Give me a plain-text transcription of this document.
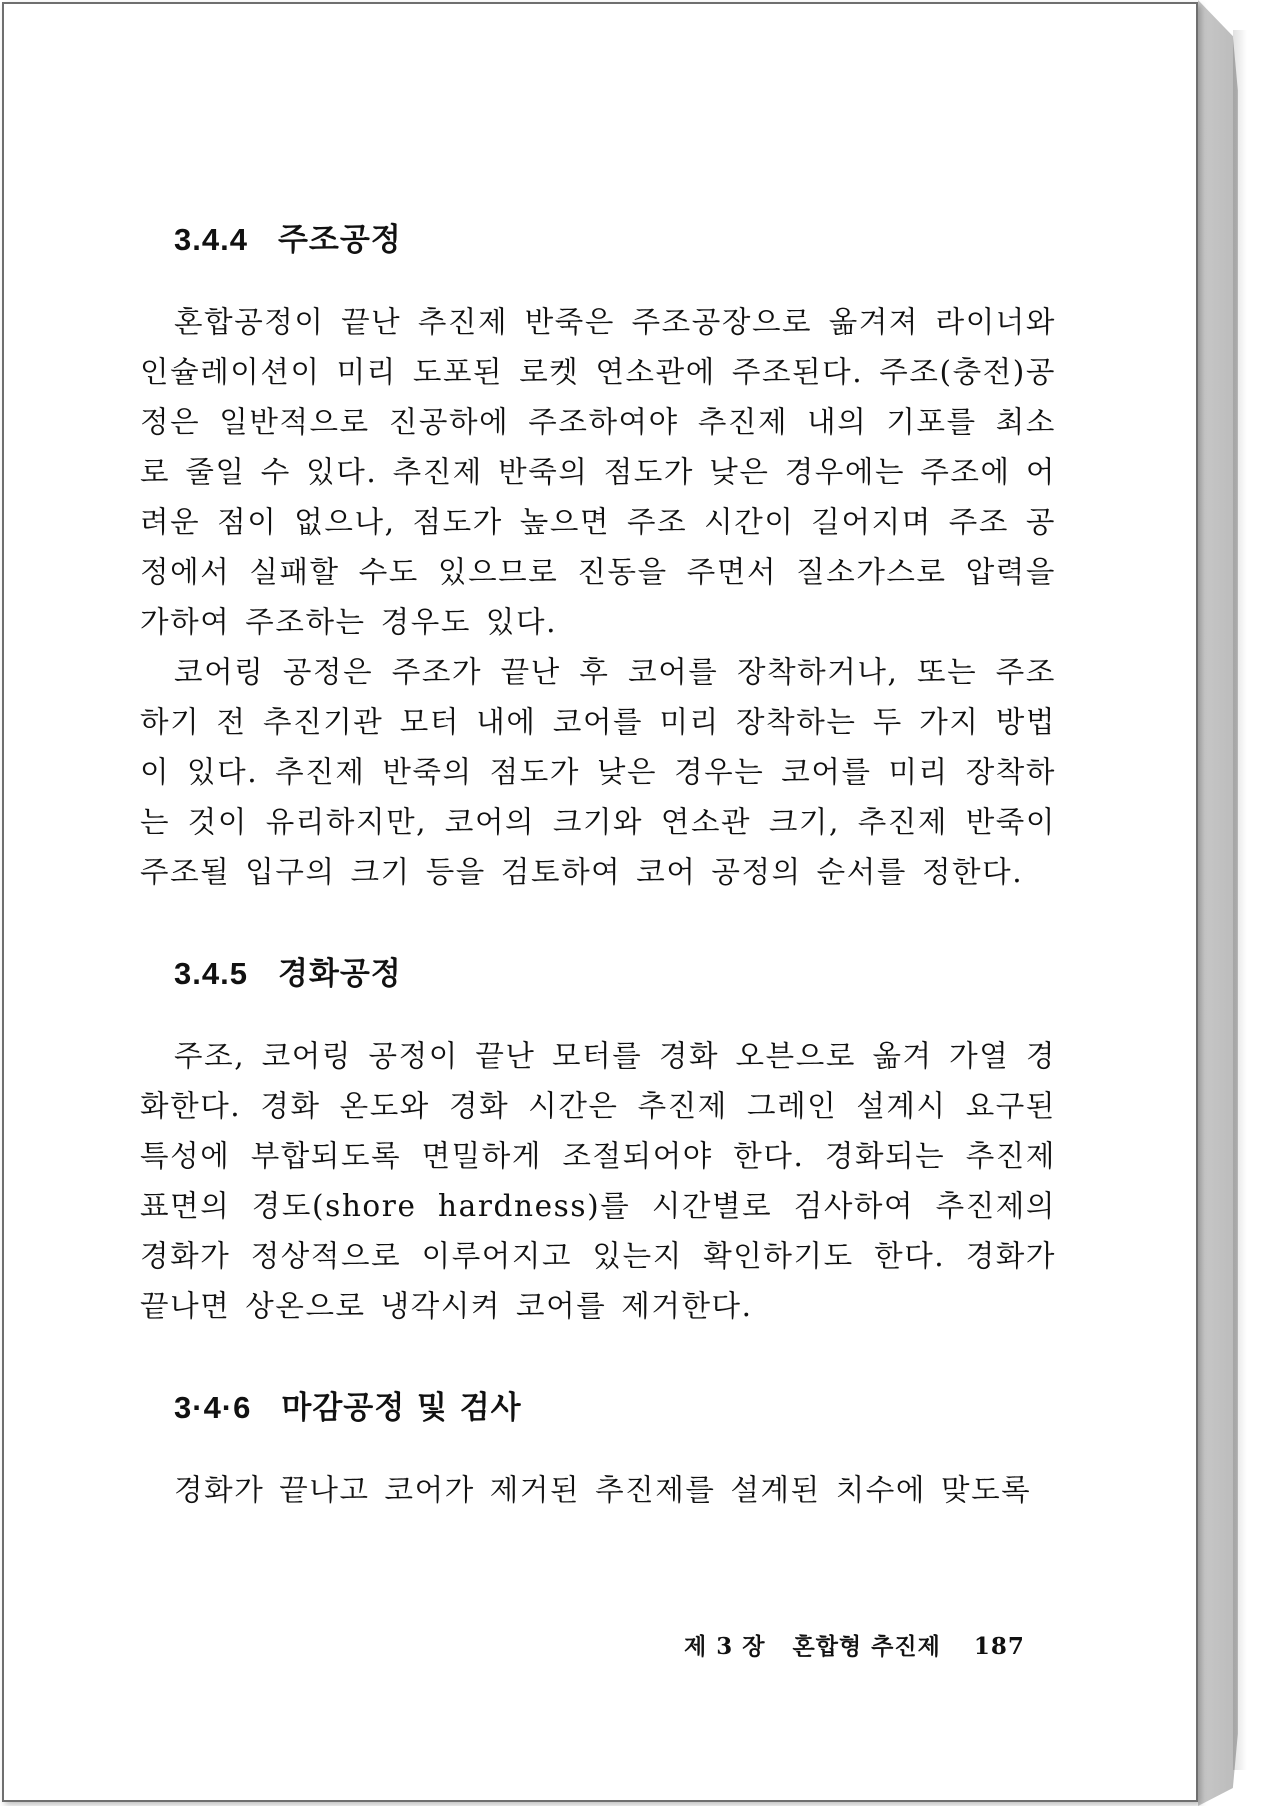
3.4.4 주조공정

혼합공정이 끝난 추진제 반죽은 주조공장으로 옮겨져 라이너와 인슐레이션이 미리 도포된 로켓 연소관에 주조된다. 주조(충전)공정은 일반적으로 진공하에 주조하여야 추진제 내의 기포를 최소로 줄일 수 있다. 추진제 반죽의 점도가 낮은 경우에는 주조에 어려운 점이 없으나, 점도가 높으면 주조 시간이 길어지며 주조 공정에서 실패할 수도 있으므로 진동을 주면서 질소가스로 압력을 가하여 주조하는 경우도 있다.

코어링 공정은 주조가 끝난 후 코어를 장착하거나, 또는 주조하기 전 추진기관 모터 내에 코어를 미리 장착하는 두 가지 방법이 있다. 추진제 반죽의 점도가 낮은 경우는 코어를 미리 장착하는 것이 유리하지만, 코어의 크기와 연소관 크기, 추진제 반죽이 주조될 입구의 크기 등을 검토하여 코어 공정의 순서를 정한다.

3.4.5 경화공정

주조, 코어링 공정이 끝난 모터를 경화 오븐으로 옮겨 가열 경화한다. 경화 온도와 경화 시간은 추진제 그레인 설계시 요구된 특성에 부합되도록 면밀하게 조절되어야 한다. 경화되는 추진제 표면의 경도(shore hardness)를 시간별로 검사하여 추진제의 경화가 정상적으로 이루어지고 있는지 확인하기도 한다. 경화가 끝나면 상온으로 냉각시켜 코어를 제거한다.

3·4·6 마감공정 및 검사

경화가 끝나고 코어가 제거된 추진제를 설계된 치수에 맞도록

제 3 장 혼합형 추진제 187
